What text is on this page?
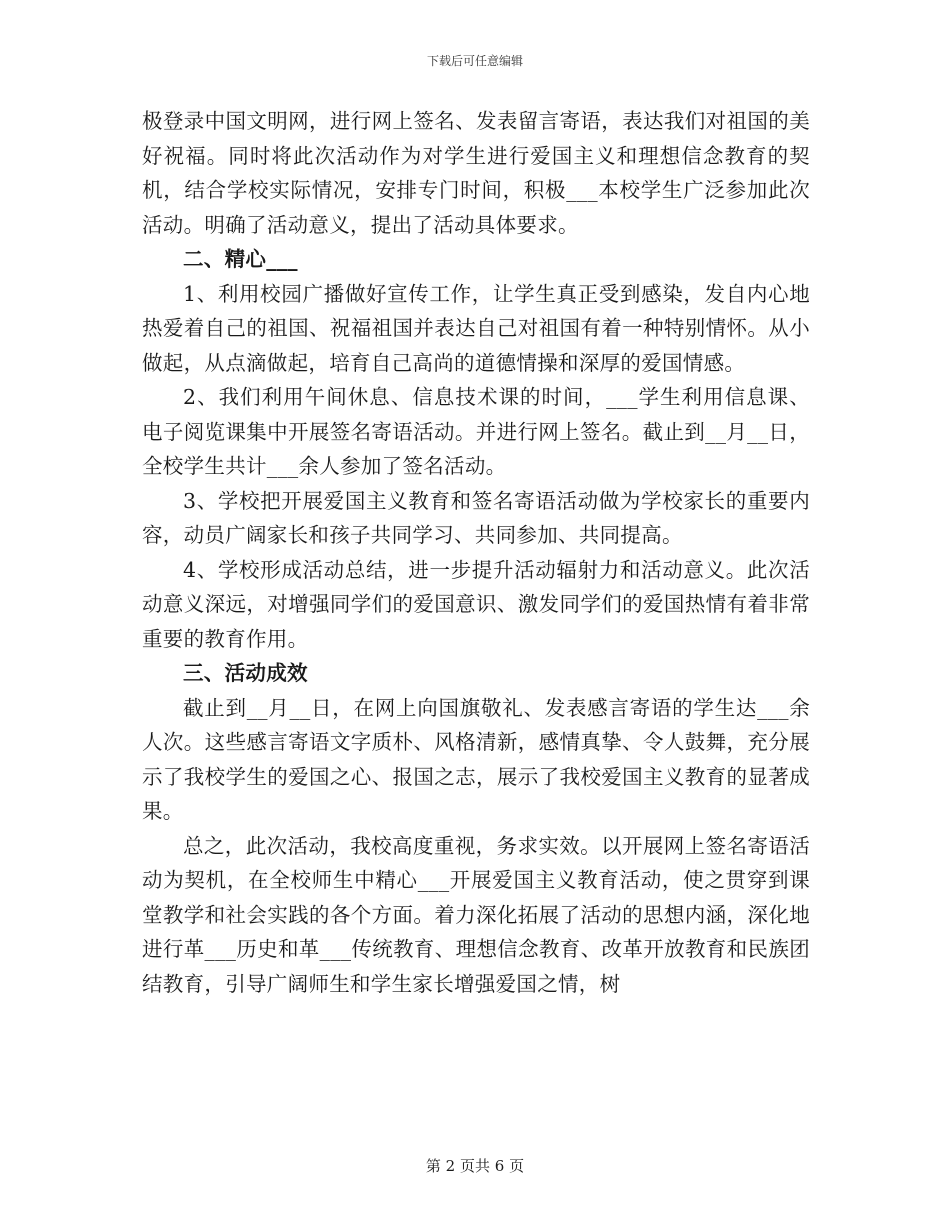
下载后可任意编辑

极登录中国文明网，进行网上签名、发表留言寄语，表达我们对祖国的美好祝福。同时将此次活动作为对学生进行爱国主义和理想信念教育的契机，结合学校实际情况，安排专门时间，积极___本校学生广泛参加此次活动。明确了活动意义，提出了活动具体要求。

二、精心___

1、利用校园广播做好宣传工作，让学生真正受到感染，发自内心地热爱着自己的祖国、祝福祖国并表达自己对祖国有着一种特别情怀。从小做起，从点滴做起，培育自己高尚的道德情操和深厚的爱国情感。

2、我们利用午间休息、信息技术课的时间，___学生利用信息课、电子阅览课集中开展签名寄语活动。并进行网上签名。截止到__月__日，全校学生共计___余人参加了签名活动。

3、学校把开展爱国主义教育和签名寄语活动做为学校家长的重要内容，动员广阔家长和孩子共同学习、共同参加、共同提高。

4、学校形成活动总结，进一步提升活动辐射力和活动意义。此次活动意义深远，对增强同学们的爱国意识、激发同学们的爱国热情有着非常重要的教育作用。

三、活动成效

截止到__月__日，在网上向国旗敬礼、发表感言寄语的学生达___余人次。这些感言寄语文字质朴、风格清新，感情真挚、令人鼓舞，充分展示了我校学生的爱国之心、报国之志，展示了我校爱国主义教育的显著成果。

总之，此次活动，我校高度重视，务求实效。以开展网上签名寄语活动为契机，在全校师生中精心___开展爱国主义教育活动，使之贯穿到课堂教学和社会实践的各个方面。着力深化拓展了活动的思想内涵，深化地进行革___历史和革___传统教育、理想信念教育、改革开放教育和民族团结教育，引导广阔师生和学生家长增强爱国之情，树

第 2 页共 6 页
